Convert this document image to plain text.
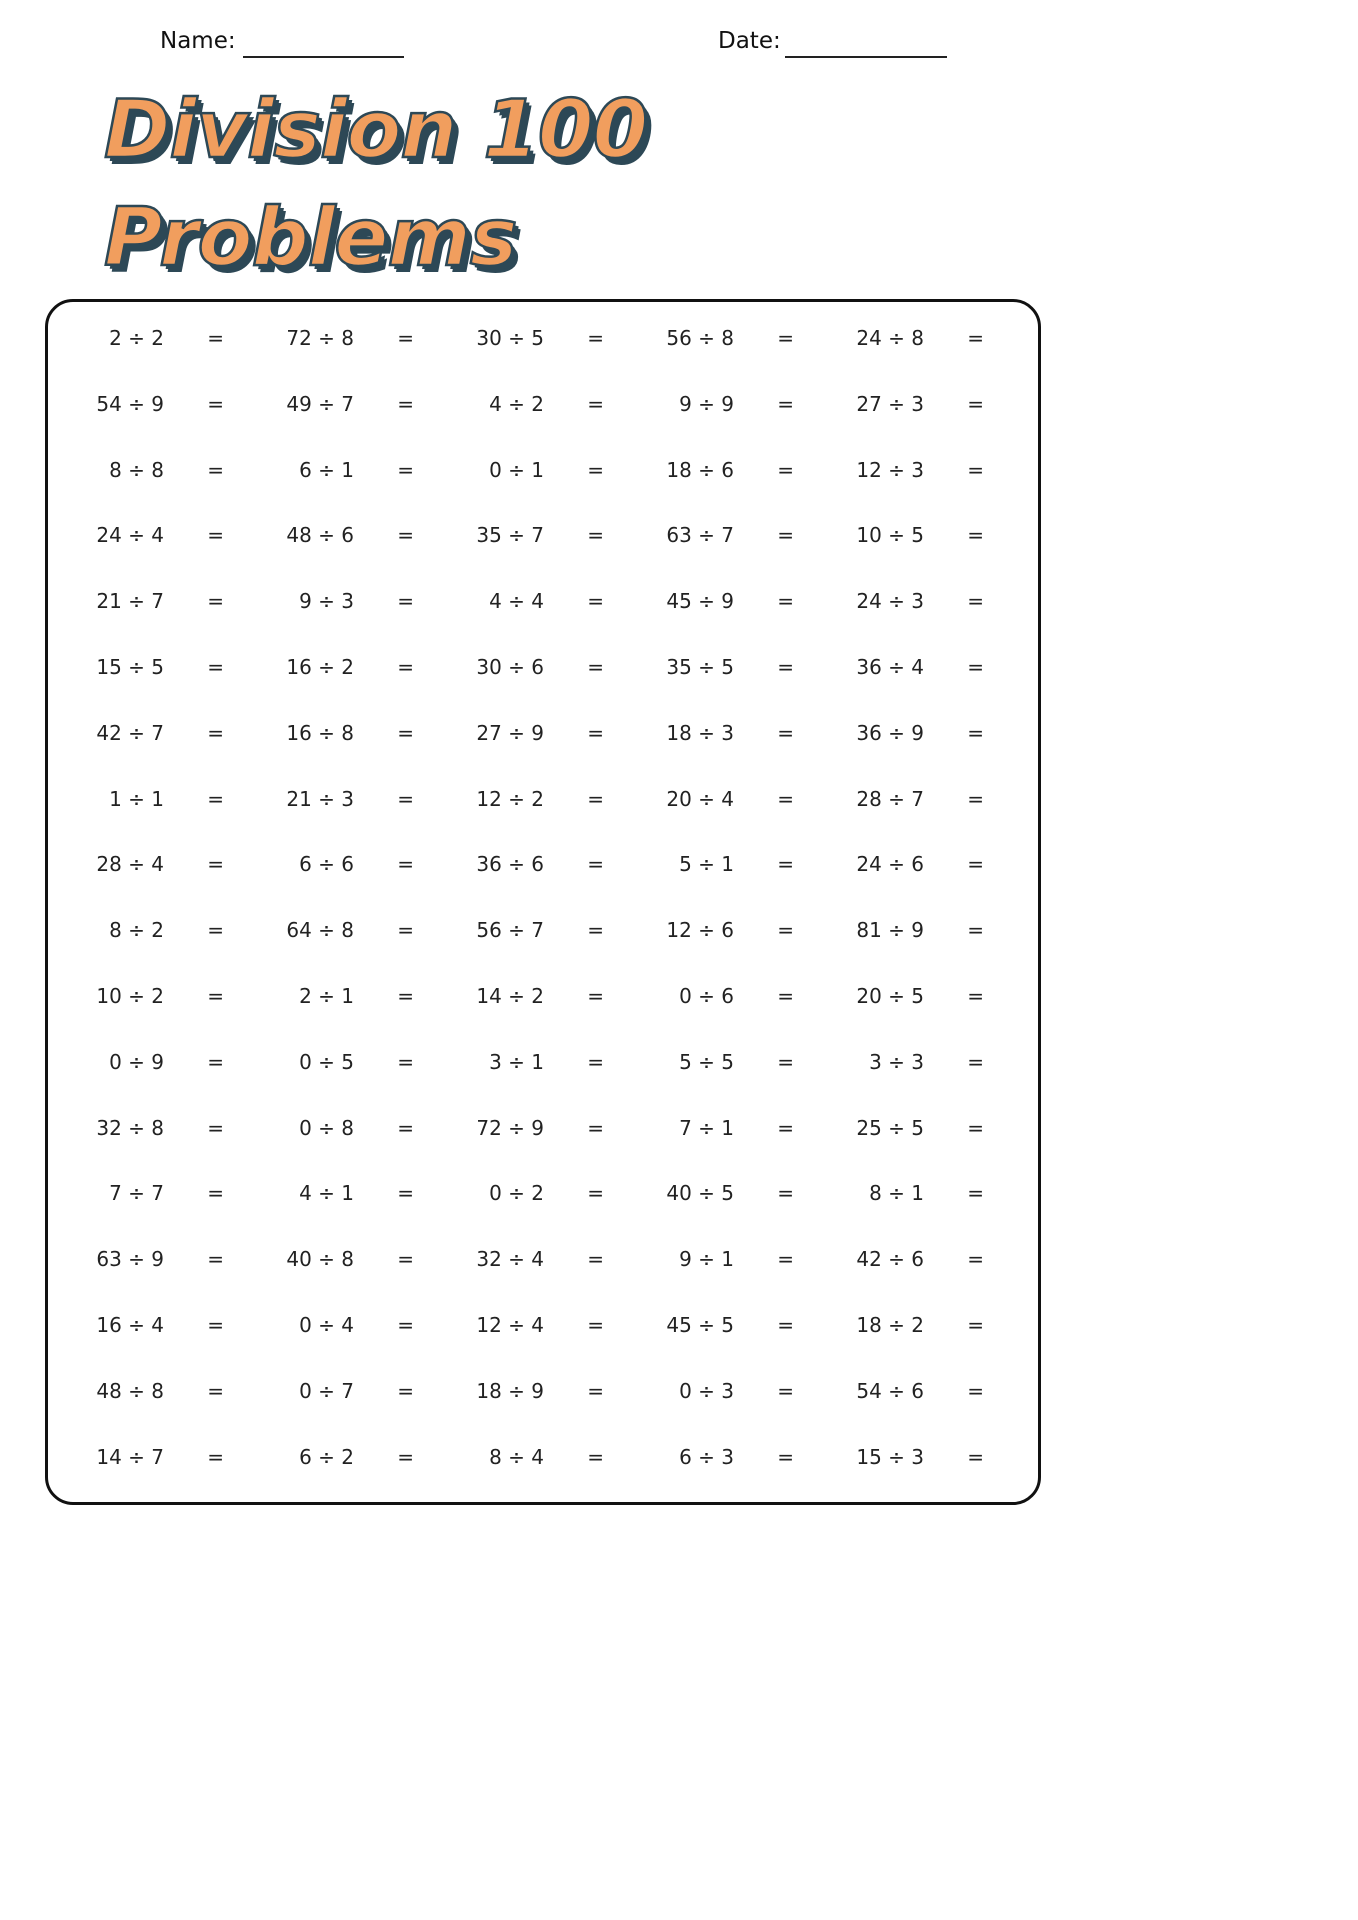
Name:	Date:
Division 100
Problems
2 ÷ 2 =	72 ÷ 8 =	30 ÷ 5 =	56 ÷ 8 =	24 ÷ 8 =
54 ÷ 9 =	49 ÷ 7 =	4 ÷ 2 =	9 ÷ 9 =	27 ÷ 3 =
8 ÷ 8 =	6 ÷ 1 =	0 ÷ 1 =	18 ÷ 6 =	12 ÷ 3 =
24 ÷ 4 =	48 ÷ 6 =	35 ÷ 7 =	63 ÷ 7 =	10 ÷ 5 =
21 ÷ 7 =	9 ÷ 3 =	4 ÷ 4 =	45 ÷ 9 =	24 ÷ 3 =
15 ÷ 5 =	16 ÷ 2 =	30 ÷ 6 =	35 ÷ 5 =	36 ÷ 4 =
42 ÷ 7 =	16 ÷ 8 =	27 ÷ 9 =	18 ÷ 3 =	36 ÷ 9 =
1 ÷ 1 =	21 ÷ 3 =	12 ÷ 2 =	20 ÷ 4 =	28 ÷ 7 =
28 ÷ 4 =	6 ÷ 6 =	36 ÷ 6 =	5 ÷ 1 =	24 ÷ 6 =
8 ÷ 2 =	64 ÷ 8 =	56 ÷ 7 =	12 ÷ 6 =	81 ÷ 9 =
10 ÷ 2 =	2 ÷ 1 =	14 ÷ 2 =	0 ÷ 6 =	20 ÷ 5 =
0 ÷ 9 =	0 ÷ 5 =	3 ÷ 1 =	5 ÷ 5 =	3 ÷ 3 =
32 ÷ 8 =	0 ÷ 8 =	72 ÷ 9 =	7 ÷ 1 =	25 ÷ 5 =
7 ÷ 7 =	4 ÷ 1 =	0 ÷ 2 =	40 ÷ 5 =	8 ÷ 1 =
63 ÷ 9 =	40 ÷ 8 =	32 ÷ 4 =	9 ÷ 1 =	42 ÷ 6 =
16 ÷ 4 =	0 ÷ 4 =	12 ÷ 4 =	45 ÷ 5 =	18 ÷ 2 =
48 ÷ 8 =	0 ÷ 7 =	18 ÷ 9 =	0 ÷ 3 =	54 ÷ 6 =
14 ÷ 7 =	6 ÷ 2 =	8 ÷ 4 =	6 ÷ 3 =	15 ÷ 3 =
